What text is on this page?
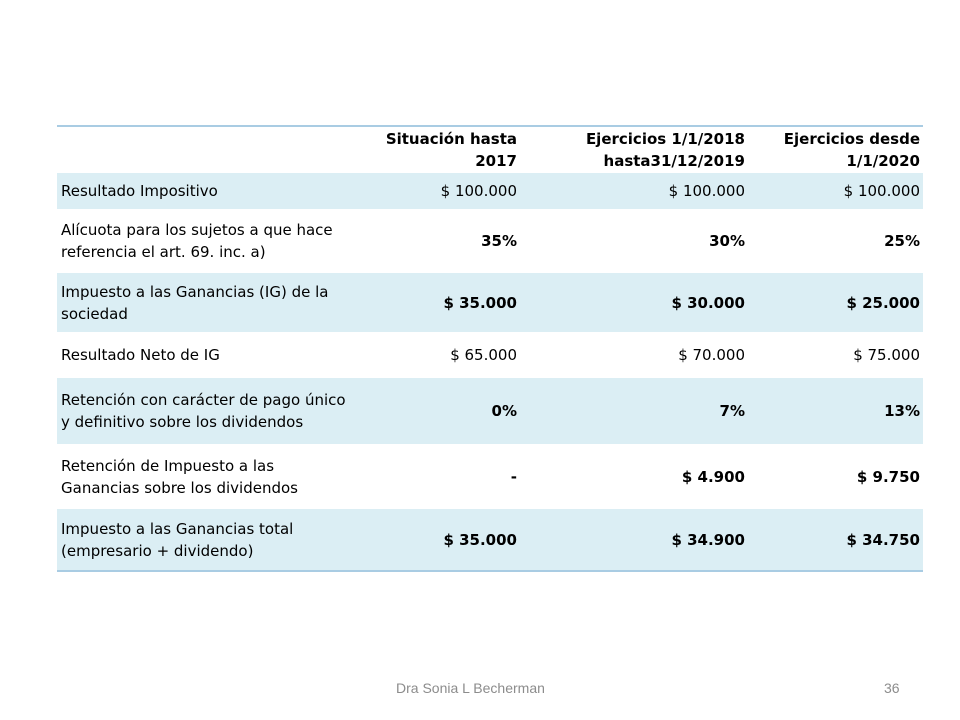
	Situación hasta 2017	Ejercicios 1/1/2018 hasta31/12/2019	Ejercicios desde 1/1/2020
Resultado Impositivo	$ 100.000	$ 100.000	$ 100.000
Alícuota para los sujetos a que hace referencia el art. 69. inc. a)	35%	30%	25%
Impuesto a las Ganancias (IG) de la sociedad	$ 35.000	$ 30.000	$ 25.000
Resultado Neto de IG	$ 65.000	$ 70.000	$ 75.000
Retención con carácter de pago único y definitivo sobre los dividendos	0%	7%	13%
Retención de Impuesto a las Ganancias sobre los dividendos	-	$ 4.900	$ 9.750
Impuesto a las Ganancias total (empresario + dividendo)	$ 35.000	$ 34.900	$ 34.750
Dra Sonia L Becherman	36
